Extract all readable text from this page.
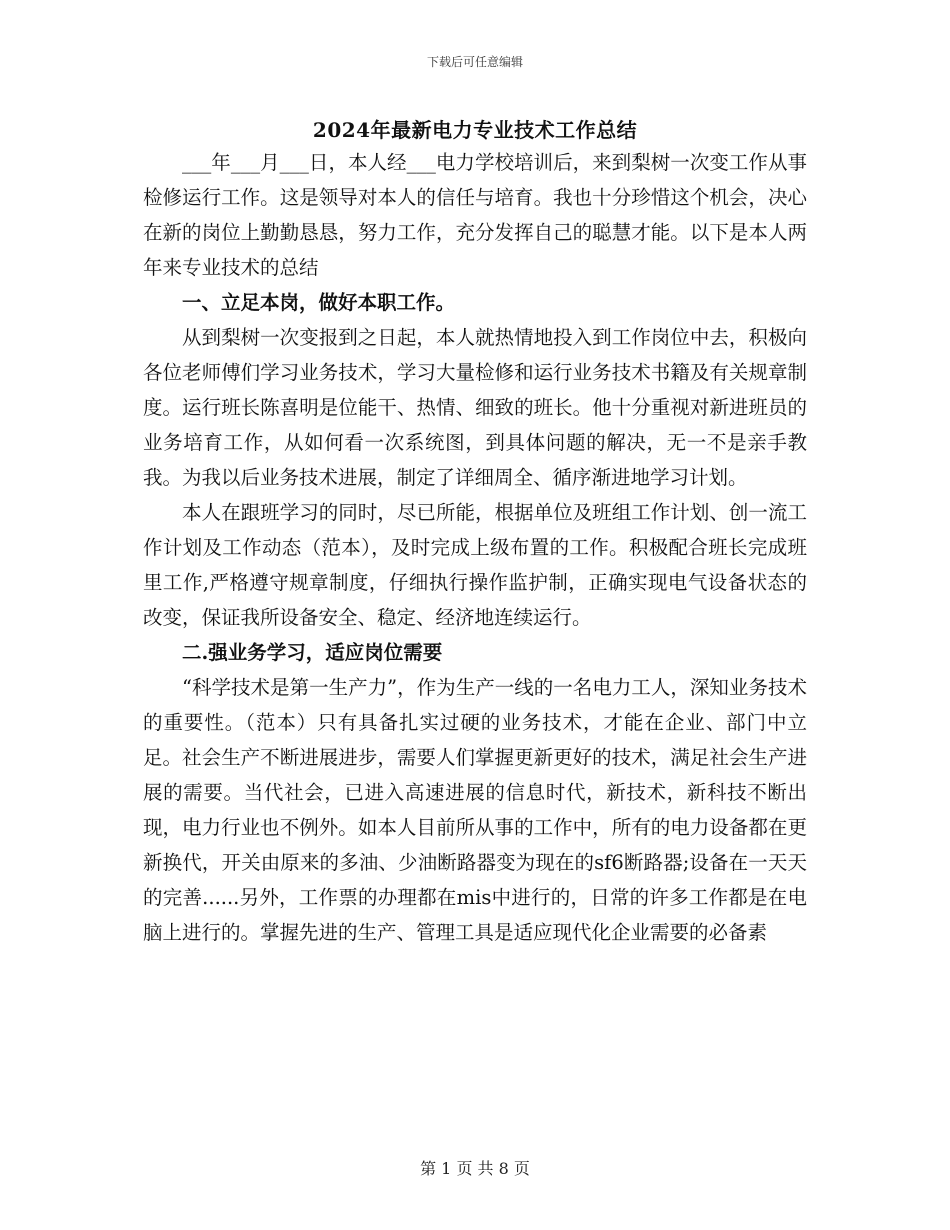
下载后可任意编辑
2024年最新电力专业技术工作总结

___年___月___日，本人经___电力学校培训后，来到梨树一次变工作从事检修运行工作。这是领导对本人的信任与培育。我也十分珍惜这个机会，决心在新的岗位上勤勤恳恳，努力工作，充分发挥自己的聪慧才能。以下是本人两年来专业技术的总结

一、立足本岗，做好本职工作。

从到梨树一次变报到之日起，本人就热情地投入到工作岗位中去，积极向各位老师傅们学习业务技术，学习大量检修和运行业务技术书籍及有关规章制度。运行班长陈喜明是位能干、热情、细致的班长。他十分重视对新进班员的业务培育工作，从如何看一次系统图，到具体问题的解决，无一不是亲手教我。为我以后业务技术进展，制定了详细周全、循序渐进地学习计划。

本人在跟班学习的同时，尽已所能，根据单位及班组工作计划、创一流工作计划及工作动态（范本），及时完成上级布置的工作。积极配合班长完成班里工作,严格遵守规章制度，仔细执行操作监护制，正确实现电气设备状态的改变，保证我所设备安全、稳定、经济地连续运行。

二.强业务学习，适应岗位需要

“科学技术是第一生产力”，作为生产一线的一名电力工人，深知业务技术的重要性。（范本）只有具备扎实过硬的业务技术，才能在企业、部门中立足。社会生产不断进展进步，需要人们掌握更新更好的技术，满足社会生产进展的需要。当代社会，已进入高速进展的信息时代，新技术，新科技不断出现，电力行业也不例外。如本人目前所从事的工作中，所有的电力设备都在更新换代，开关由原来的多油、少油断路器变为现在的sf6断路器;设备在一天天的完善......另外，工作票的办理都在mis中进行的，日常的许多工作都是在电脑上进行的。掌握先进的生产、管理工具是适应现代化企业需要的必备素

第 1 页 共 8 页
